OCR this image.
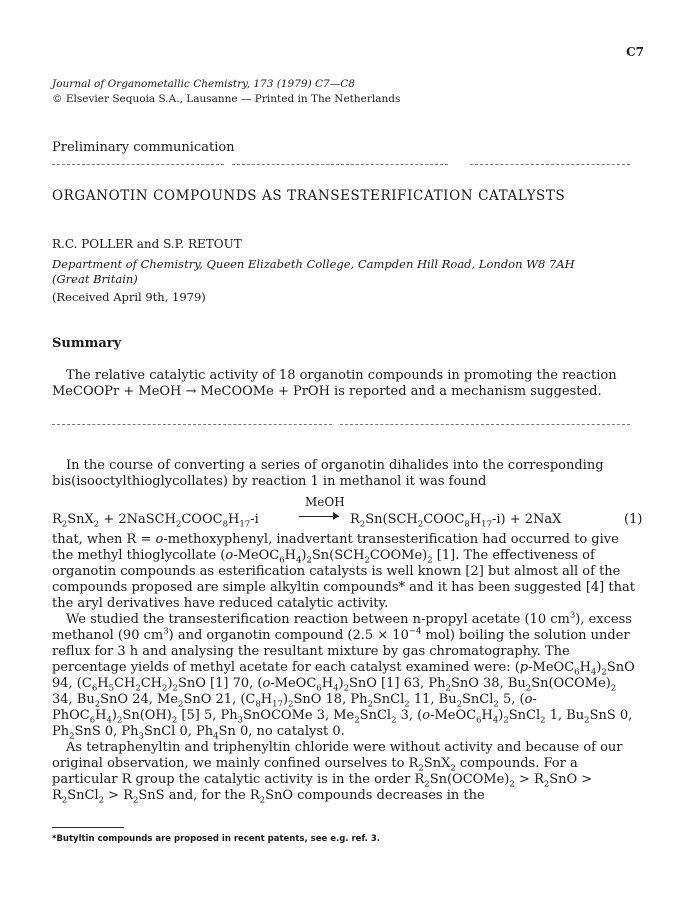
C7
Journal of Organometallic Chemistry, 173 (1979) C7—C8
© Elsevier Sequoia S.A., Lausanne — Printed in The Netherlands
Preliminary communication
ORGANOTIN COMPOUNDS AS TRANSESTERIFICATION CATALYSTS
R.C. POLLER and S.P. RETOUT
Department of Chemistry, Queen Elizabeth College, Campden Hill Road, London W8 7AH
(Great Britain)
(Received April 9th, 1979)
Summary

The relative catalytic activity of 18 organotin compounds in promoting the reaction MeCOOPr + MeOH → MeCOOMe + PrOH is reported and a mechanism suggested.

In the course of converting a series of organotin dihalides into the corresponding bis(isooctylthioglycollates) by reaction 1 in methanol it was found

$R_2SnX_2$ + $2NaSCH_2COOC_8H_{17}-i$
MeOH
$R_2Sn(SCH_2COOC_8H_{17}-i) + 2NaX$	(1)

that, when R = o-methoxyphenyl, inadvertant transesterification had occurred to give the methyl thioglycollate $(o-MeOC_6H_4)_2Sn(SCH_2COOMe)_2$ [1]. The effectiveness of organotin compounds as esterification catalysts is well known [2] but almost all of the compounds proposed are simple alkyltin compounds* and it has been suggested [4] that the aryl derivatives have reduced catalytic activity.

We studied the transesterification reaction between n-propyl acetate (10 $cm^3$), excess methanol (90 $cm^3$) and organotin compound ($2.5 \times 10^{-4}$ mol) boiling the solution under reflux for 3 h and analysing the resultant mixture by gas chromatography. The percentage yields of methyl acetate for each catalyst examined were: $(p-MeOC_6H_4)_2SnO$ 94, $(C_6H_5CH_2CH_2)_2SnO$ [1] 70, $(o-MeOC_6H_4)_2SnO$ [1] 63, $Ph_2SnO$ 38, $Bu_2Sn(OCOMe)_2$ 34, $Bu_2SnO$ 24, $Me_2SnO$ 21, $(C_8H_{17})_2SnO$ 18, $Ph_2SnCl_2$ 11, $Bu_2SnCl_2$ 5, $(o-PhOC_6H_4)_2Sn(OH)_2$ [5] 5, $Ph_3SnOCOMe$ 3, $Me_2SnCl_2$ 3, $(o-MeOC_6H_4)_2SnCl_2$ 1, $Bu_2SnS$ 0, $Ph_2SnS$ 0, $Ph_3SnCl$ 0, $Ph_4Sn$ 0, no catalyst 0.

As tetraphenyltin and triphenyltin chloride were without activity and because of our original observation, we mainly confined ourselves to $R_2SnX_2$ compounds. For a particular R group the catalytic activity is in the order $R_2Sn(OCOMe)_2 > R_2SnO$ > $R_2SnCl_2 > R_2SnS$ and, for the $R_2SnO$ compounds decreases in the

*Butyltin compounds are proposed in recent patents, see e.g. ref. 3.
